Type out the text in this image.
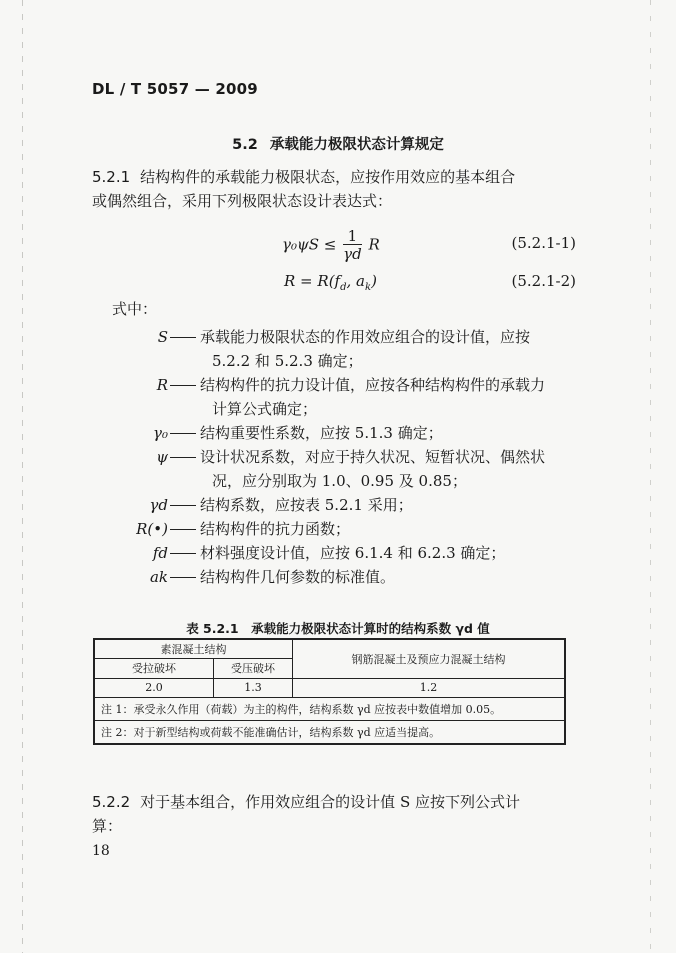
DL / T 5057 — 2009
5.2 承载能力极限状态计算规定
5.2.1 结构构件的承载能力极限状态，应按作用效应的基本组合
或偶然组合，采用下列极限状态设计表达式：
$\gamma_0\psi S \le \frac{1}{\gamma d}$ R	(5.2.1-1)
$R = R(f_d$, $a_k$)	(5.2.1-2)
式中：
S 承载能力极限状态的作用效应组合的设计值，应按
5.2.2 和 5.2.3 确定；
R 结构构件的抗力设计值，应按各种结构构件的承载力
计算公式确定；
γ₀ 结构重要性系数，应按 5.1.3 确定；
ψ 设计状况系数，对应于持久状况、短暂状况、偶然状
况，应分别取为 1.0、0.95 及 0.85；
γd 结构系数，应按表 5.2.1 采用；
R(•) 结构构件的抗力函数；
fd 材料强度设计值，应按 6.1.4 和 6.2.3 确定；
ak 结构构件几何参数的标准值。
表 5.2.1　承载能力极限状态计算时的结构系数 γd 值
素混凝土结构		钢筋混凝土及预应力混凝土结构
受拉破坏	受压破坏	
2.0	1.3	1.2
注 1：承受永久作用（荷载）为主的构件，结构系数 γd 应按表中数值增加 0.05。		
注 2：对于新型结构或荷载不能准确估计，结构系数 γd 应适当提高。		
5.2.2 对于基本组合，作用效应组合的设计值 S 应按下列公式计
算：
18
